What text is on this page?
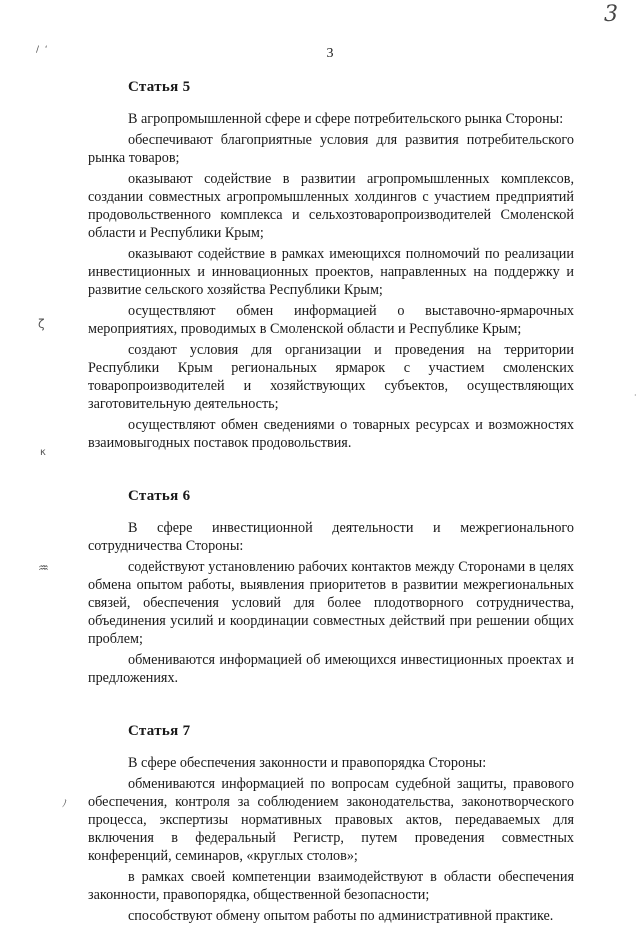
3
/  ‘
ζ
κ
♒
ﾉ
·
3
Статья 5

В агропромышленной сфере и сфере потребительского рынка Стороны:

обеспечивают благоприятные условия для развития потребительского рынка товаров;

оказывают содействие в развитии агропромышленных комплексов, создании совместных агропромышленных холдингов с участием предприятий продовольственного комплекса и сельхозтоваропроизводителей Смоленской области и Республики Крым;

оказывают содействие в рамках имеющихся полномочий по реализации инвестиционных и инновационных проектов, направленных на поддержку и развитие сельского хозяйства Республики Крым;

осуществляют обмен информацией о выставочно-ярмарочных мероприятиях, проводимых в Смоленской области и Республике Крым;

создают условия для организации и проведения на территории Республики Крым региональных ярмарок с участием смоленских товаропроизводителей и хозяйствующих субъектов, осуществляющих заготовительную деятельность;

осуществляют обмен сведениями о товарных ресурсах и возможностях взаимовыгодных поставок продовольствия.

Статья 6

В сфере инвестиционной деятельности и межрегионального сотрудничества Стороны:

содействуют установлению рабочих контактов между Сторонами в целях обмена опытом работы, выявления приоритетов в развитии межрегиональных связей, обеспечения условий для более плодотворного сотрудничества, объединения усилий и координации совместных действий при решении общих проблем;

обмениваются информацией об имеющихся инвестиционных проектах и предложениях.

Статья 7

В сфере обеспечения законности и правопорядка Стороны:

обмениваются информацией по вопросам судебной защиты, правового обеспечения, контроля за соблюдением законодательства, законотворческого процесса, экспертизы нормативных правовых актов, передаваемых для включения в федеральный Регистр, путем проведения совместных конференций, семинаров, «круглых столов»;

в рамках своей компетенции взаимодействуют в области обеспечения законности, правопорядка, общественной безопасности;

способствуют обмену опытом работы по административной практике.
